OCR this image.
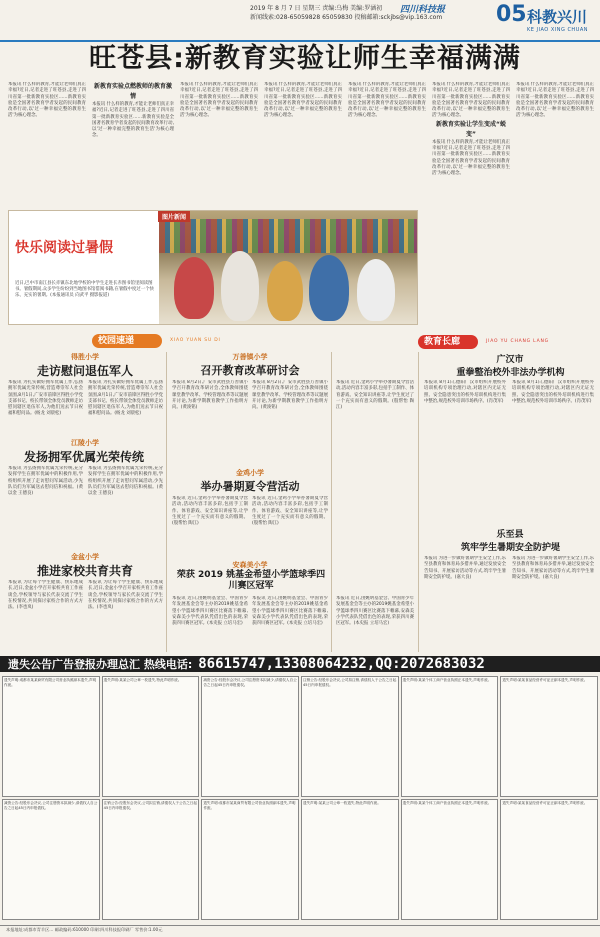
2019 年 8 月 7 日 星期三 责编:乌梅 美编:罗涵初
新闻线索:028-65059828 65059830 投稿邮箱:sckjbs@vip.163.com
四川科技报 05 科教兴川
KE JIAO XING CHUAN
旺苍县:新教育实验让师生幸福满满
本报讯 什么样的教育,才能让老师们真正幸福?近日,记者走进了旺苍县,走进了四川省第一批新教育实验区……新教育实验是全国著名教育学者发起的民间教育改革行动,以'过一种幸福完整的教育生活'为核心理念。
新教育实验点燃教师的教育激情
本报讯 什么样的教育,才能让老师们真正幸福?近日,记者走进了旺苍县,走进了四川省第一批新教育实验区……新教育实验是全国著名教育学者发起的民间教育改革行动,以'过一种幸福完整的教育生活'为核心理念。
本报讯 什么样的教育,才能让老师们真正幸福?近日,记者走进了旺苍县,走进了四川省第一批新教育实验区……新教育实验是全国著名教育学者发起的民间教育改革行动,以'过一种幸福完整的教育生活'为核心理念。
本报讯 什么样的教育,才能让老师们真正幸福?近日,记者走进了旺苍县,走进了四川省第一批新教育实验区……新教育实验是全国著名教育学者发起的民间教育改革行动,以'过一种幸福完整的教育生活'为核心理念。
本报讯 什么样的教育,才能让老师们真正幸福?近日,记者走进了旺苍县,走进了四川省第一批新教育实验区……新教育实验是全国著名教育学者发起的民间教育改革行动,以'过一种幸福完整的教育生活'为核心理念。
本报讯 什么样的教育,才能让老师们真正幸福?近日,记者走进了旺苍县,走进了四川省第一批新教育实验区……新教育实验是全国著名教育学者发起的民间教育改革行动,以'过一种幸福完整的教育生活'为核心理念。
新教育实验让学生变成“蜕变”
本报讯 什么样的教育,才能让老师们真正幸福?近日,记者走进了旺苍县,走进了四川省第一批新教育实验区……新教育实验是全国著名教育学者发起的民间教育改革行动,以'过一种幸福完整的教育生活'为核心理念。
本报讯 什么样的教育,才能让老师们真正幸福?近日,记者走进了旺苍县,走进了四川省第一批新教育实验区……新教育实验是全国著名教育学者发起的民间教育改革行动,以'过一种幸福完整的教育生活'为核心理念。
图片新闻
快乐阅读过暑假
近日,巴中市南江县长赤镇东北地学校的中学生走进长赤图书馆里阅读图书。暑假期间,众多学生纷纷到当地图书馆借阅书籍,在暑假中度过一个快乐、充实的暑期。(本报通讯员 向武平 摄影报道)
校园速递	XIAO YUAN SU DI	教育长廊	JIAO YU CHANG LANG
得胜小学
走访慰问退伍军人
本报讯 为扎实做好拥军优属工作,弘扬拥军优属光荣传统,营造尊崇军人社会氛围,8月1日,广安市前锋区得胜小学党支部书记、校长带领全体党员教师走访慰问辖区退伍军人,为他们送去节日祝福和慰问品。(杨龙 刘晨松)
本报讯 为扎实做好拥军优属工作,弘扬拥军优属光荣传统,营造尊崇军人社会氛围,8月1日,广安市前锋区得胜小学党支部书记、校长带领全体党员教师走访慰问辖区退伍军人,为他们送去节日祝福和慰问品。(杨龙 刘晨松)
江陵小学
发扬拥军优属光荣传统
本报讯 为弘扬拥军优属光荣传统,充分发挥学生在拥军优属中的积极作用,学校组织开展了走访慰问军属活动,少先队员们为军属送去慰问信和祝福。(黄以金 王德良)
本报讯 为弘扬拥军优属光荣传统,充分发挥学生在拥军优属中的积极作用,学校组织开展了走访慰问军属活动,少先队员们为军属送去慰问信和祝福。(黄以金 王德良)
金盆小学
推进家校共育共育
本报讯 为让每个学生健康、快乐地成长,近日,金盆小学召开家校共育工作座谈会,学校领导与家长代表交流了学生在校情况,共同探讨家校合作的方式方法。(李也岚)
本报讯 为让每个学生健康、快乐地成长,近日,金盆小学召开家校共育工作座谈会,学校领导与家长代表交流了学生在校情况,共同探讨家校合作的方式方法。(李也岚)
万善镇小学
召开教育改革研讨会
本报讯 8月2日,广安市武胜县万善镇小学召开教育改革研讨会,全体教师围绕课堂教学改革、学校管理改革等议题展开讨论,为新学期教育教学工作指明方向。(黄浚铭)
本报讯 8月2日,广安市武胜县万善镇小学召开教育改革研讨会,全体教师围绕课堂教学改革、学校管理改革等议题展开讨论,为新学期教育教学工作指明方向。(黄浚铭)
金鸡小学
举办暑期夏令营活动
本报讯 近日,金鸡小学举办暑期夏令营活动,活动内容丰富多彩,包括手工制作、体育游戏、安全知识讲座等,让学生度过了一个充实而有意义的假期。(殷帮怡 陶江)
本报讯 近日,金鸡小学举办暑期夏令营活动,活动内容丰富多彩,包括手工制作、体育游戏、安全知识讲座等,让学生度过了一个充实而有意义的假期。(殷帮怡 陶江)
安森美小学
荣获 2019 姚基金希望小学篮球季四川赛区冠军
本报讯 近日,由姚明基金会、中国青少年发展基金会等主办的2019姚基金希望小学篮球季四川赛区比赛落下帷幕,安森美小学代表队凭借出色的表现,荣获四川赛区冠军。(本史报 立培马宏)
本报讯 近日,由姚明基金会、中国青少年发展基金会等主办的2019姚基金希望小学篮球季四川赛区比赛落下帷幕,安森美小学代表队凭借出色的表现,荣获四川赛区冠军。(本史报 立培马宏)
本报讯 近日,由姚明基金会、中国青少年发展基金会等主办的2019姚基金希望小学篮球季四川赛区比赛落下帷幕,安森美小学代表队凭借出色的表现,荣获四川赛区冠军。(本史报 立培马宏)
本报讯 近日,金鸡小学举办暑期夏令营活动,活动内容丰富多彩,包括手工制作、体育游戏、安全知识讲座等,让学生度过了一个充实而有意义的假期。(殷帮怡 陶江)
广汉市
重拳整治校外非法办学机构
本报讯 8月1日,德阳广汉市组织开展校外培训机构专项治理行动,对辖区内无证无照、安全隐患突出的校外培训机构进行集中整治,规范校外培训市场秩序。(肖茂军)
本报讯 8月1日,德阳广汉市组织开展校外培训机构专项治理行动,对辖区内无证无照、安全隐患突出的校外培训机构进行集中整治,规范校外培训市场秩序。(肖茂军)
乐至县
筑牢学生暑期安全防护堤
本报讯 为进一步做好暑期学生安全工作,乐至县教育和体育局多措并举,通过发放安全告知书、开展家访活动等方式,筑牢学生暑期安全防护堤。(嘉大良)
本报讯 为进一步做好暑期学生安全工作,乐至县教育和体育局多措并举,通过发放安全告知书、开展家访活动等方式,筑牢学生暑期安全防护堤。(嘉大良)
遗失公告广告登报办理总汇 热线电话: 86615747,13308064232,QQ:2072683032
遗失声明:成都市某某商贸有限公司营业执照副本遗失,声明作废。
遗失声明:某某公司公章一枚遗失,特此声明作废。	减资公告:经股东会决议,公司注册资本拟减少,请债权人自公告之日起45日内申报债权。
注销公告:经股东会决议,公司拟注销,请债权人于公告之日起45日内申报债权。
遗失声明:某某个体工商户营业执照正本遗失,声明作废。	遗失声明:某某食品经营许可证正副本遗失,声明作废。
减资公告:经股东会决议,公司注册资本拟减少,请债权人自公告之日起45日内申报债权。
注销公告:经股东会决议,公司拟注销,请债权人于公告之日起45日内申报债权。
遗失声明:成都市某某商贸有限公司营业执照副本遗失,声明作废。
遗失声明:某某公司公章一枚遗失,特此声明作废。	遗失声明:某某个体工商户营业执照正本遗失,声明作废。	遗失声明:某某食品经营许可证正副本遗失,声明作废。
本报地址:成都市青羊区… 邮政编码:610000 印刷:四川科技报印刷厂 零售价:1.00元
